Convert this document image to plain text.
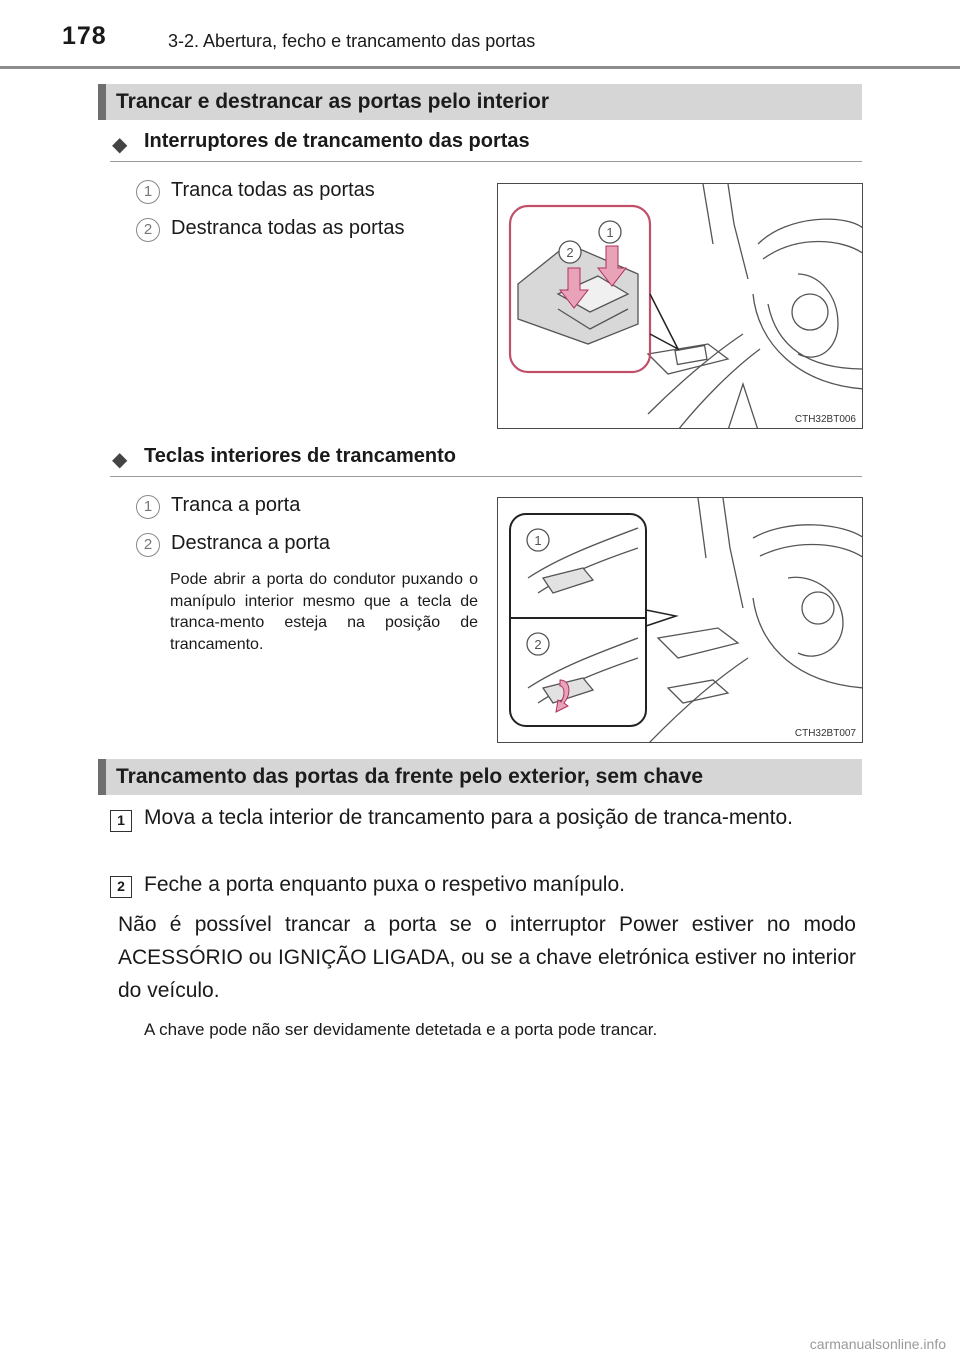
178	3-2. Abertura, fecho e trancamento das portas
Trancar e destrancar as portas pelo interior
◆ Interruptores de trancamento das portas
1 Tranca todas as portas
2 Destranca todas as portas	1
2
CTH32BT006
◆ Teclas interiores de trancamento
1 Tranca a porta
2 Destranca a porta
Pode abrir a porta do condutor puxando o manípulo interior mesmo que a tecla de tranca-mento esteja na posição de trancamento.
1
2
CTH32BT007
Trancamento das portas da frente pelo exterior, sem chave
1 Mova a tecla interior de trancamento para a posição de tranca-mento.
2 Feche a porta enquanto puxa o respetivo manípulo.
Não é possível trancar a porta se o interruptor Power estiver no modo ACESSÓRIO ou IGNIÇÃO LIGADA, ou se a chave eletrónica estiver no interior do veículo.
A chave pode não ser devidamente detetada e a porta pode trancar.
carmanualsonline.info
